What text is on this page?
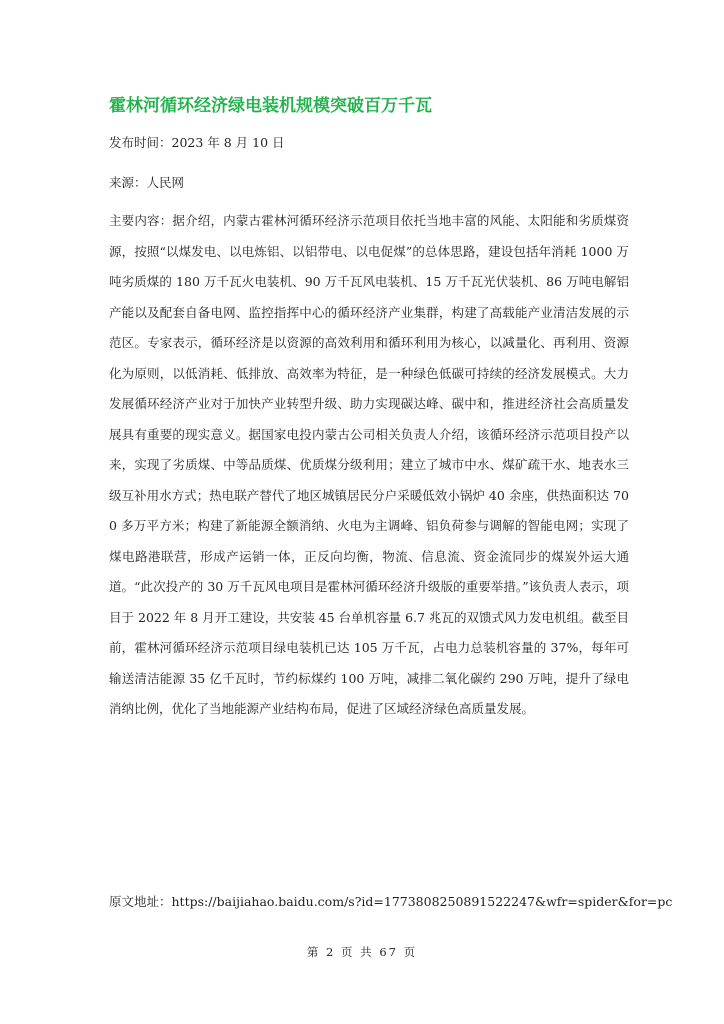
霍林河循环经济绿电装机规模突破百万千瓦
发布时间：2023 年 8 月 10 日
来源：人民网

主要内容：据介绍，内蒙古霍林河循环经济示范项目依托当地丰富的风能、太阳能和劣质煤资源，按照“以煤发电、以电炼铝、以铝带电、以电促煤”的总体思路，建设包括年消耗 1000 万吨劣质煤的 180 万千瓦火电装机、90 万千瓦风电装机、15 万千瓦光伏装机、86 万吨电解铝产能以及配套自备电网、监控指挥中心的循环经济产业集群，构建了高载能产业清洁发展的示范区。专家表示，循环经济是以资源的高效利用和循环利用为核心，以减量化、再利用、资源化为原则，以低消耗、低排放、高效率为特征，是一种绿色低碳可持续的经济发展模式。大力发展循环经济产业对于加快产业转型升级、助力实现碳达峰、碳中和，推进经济社会高质量发展具有重要的现实意义。据国家电投内蒙古公司相关负责人介绍，该循环经济示范项目投产以来，实现了劣质煤、中等品质煤、优质煤分级利用；建立了城市中水、煤矿疏干水、地表水三级互补用水方式；热电联产替代了地区城镇居民分户采暖低效小锅炉 40 余座，供热面积达 700 多万平方米；构建了新能源全额消纳、火电为主调峰、铝负荷参与调解的智能电网；实现了煤电路港联营，形成产运销一体，正反向均衡，物流、信息流、资金流同步的煤炭外运大通道。“此次投产的 30 万千瓦风电项目是霍林河循环经济升级版的重要举措。”该负责人表示，项目于 2022 年 8 月开工建设，共安装 45 台单机容量 6.7 兆瓦的双馈式风力发电机组。截至目前，霍林河循环经济示范项目绿电装机已达 105 万千瓦，占电力总装机容量的 37%，每年可输送清洁能源 35 亿千瓦时，节约标煤约 100 万吨，减排二氧化碳约 290 万吨，提升了绿电消纳比例，优化了当地能源产业结构布局，促进了区域经济绿色高质量发展。

原文地址：https://baijiahao.baidu.com/s?id=1773808250891522247&wfr=spider&for=pc
第 2 页 共 67 页
